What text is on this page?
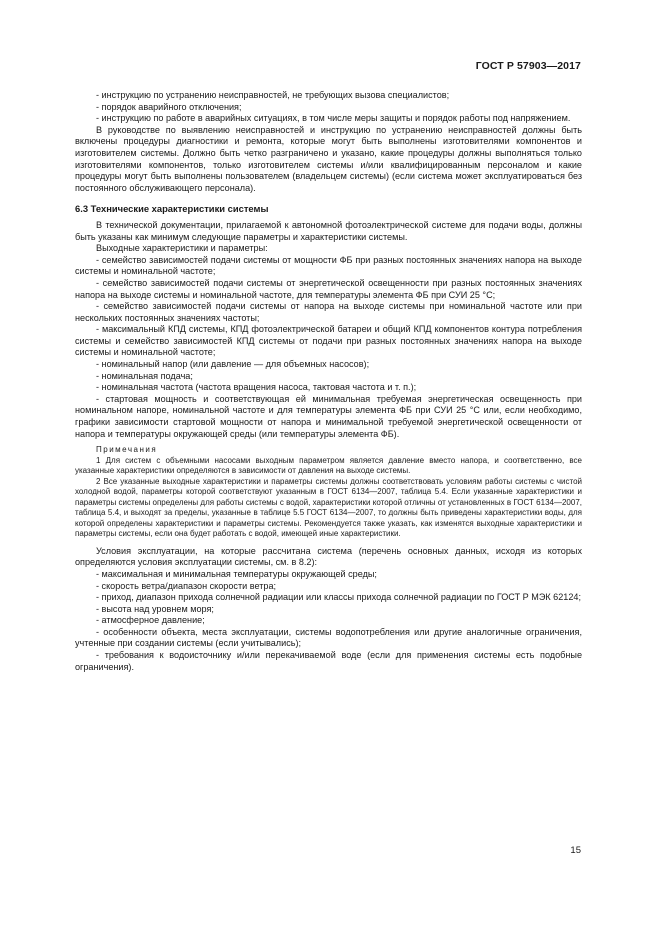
ГОСТ Р 57903—2017

- инструкцию по устранению неисправностей, не требующих вызова специалистов;

- порядок аварийного отключения;

- инструкцию по работе в аварийных ситуациях, в том числе меры защиты и порядок работы под напряжением.

В руководстве по выявлению неисправностей и инструкцию по устранению неисправностей должны быть включены процедуры диагностики и ремонта, которые могут быть выполнены изготовителями компонентов и изготовителем системы. Должно быть четко разграничено и указано, какие процедуры должны выполняться только изготовителями компонентов, только изготовителем системы и/или квалифицированным персоналом и какие процедуры могут быть выполнены пользователем (владельцем системы) (если система может эксплуатироваться без постоянного обслуживающего персонала).

6.3 Технические характеристики системы

В технической документации, прилагаемой к автономной фотоэлектрической системе для подачи воды, должны быть указаны как минимум следующие параметры и характеристики системы.

Выходные характеристики и параметры:

- семейство зависимостей подачи системы от мощности ФБ при разных постоянных значениях напора на выходе системы и номинальной частоте;

- семейство зависимостей подачи системы от энергетической освещенности при разных постоянных значениях напора на выходе системы и номинальной частоте, для температуры элемента ФБ при СУИ 25 °С;

- семейство зависимостей подачи системы от напора на выходе системы при номинальной частоте или при нескольких постоянных значениях частоты;

- максимальный КПД системы, КПД фотоэлектрической батареи и общий КПД компонентов контура потребления системы и семейство зависимостей КПД системы от подачи при разных постоянных значениях напора на выходе системы и номинальной частоте;

- номинальный напор (или давление — для объемных насосов);

- номинальная подача;

- номинальная частота (частота вращения насоса, тактовая частота и т. п.);

- стартовая мощность и соответствующая ей минимальная требуемая энергетическая освещенность при номинальном напоре, номинальной частоте и для температуры элемента ФБ при СУИ 25 °С или, если необходимо, графики зависимости стартовой мощности от напора и минимальной требуемой энергетической освещенности от напора и температуры окружающей среды (или температуры элемента ФБ).

Примечания

1 Для систем с объемными насосами выходным параметром является давление вместо напора, и соответственно, все указанные характеристики определяются в зависимости от давления на выходе системы.

2 Все указанные выходные характеристики и параметры системы должны соответствовать условиям работы системы с чистой холодной водой, параметры которой соответствуют указанным в ГОСТ 6134—2007, таблица 5.4. Если указанные характеристики и параметры системы определены для работы системы с водой, характеристики которой отличны от установленных в ГОСТ 6134—2007, таблица 5.4, и выходят за пределы, указанные в таблице 5.5 ГОСТ 6134—2007, то должны быть приведены характеристики воды, для которой определены характеристики и параметры системы. Рекомендуется также указать, как изменятся выходные характеристики и параметры системы, если она будет работать с водой, имеющей иные характеристики.

Условия эксплуатации, на которые рассчитана система (перечень основных данных, исходя из которых определяются условия эксплуатации системы, см. в 8.2):

- максимальная и минимальная температуры окружающей среды;

- скорость ветра/диапазон скорости ветра;

- приход, диапазон прихода солнечной радиации или классы прихода солнечной радиации по ГОСТ Р МЭК 62124;

- высота над уровнем моря;

- атмосферное давление;

- особенности объекта, места эксплуатации, системы водопотребления или другие аналогичные ограничения, учтенные при создании системы (если учитывались);

- требования к водоисточнику и/или перекачиваемой воде (если для применения системы есть подобные ограничения).

15
